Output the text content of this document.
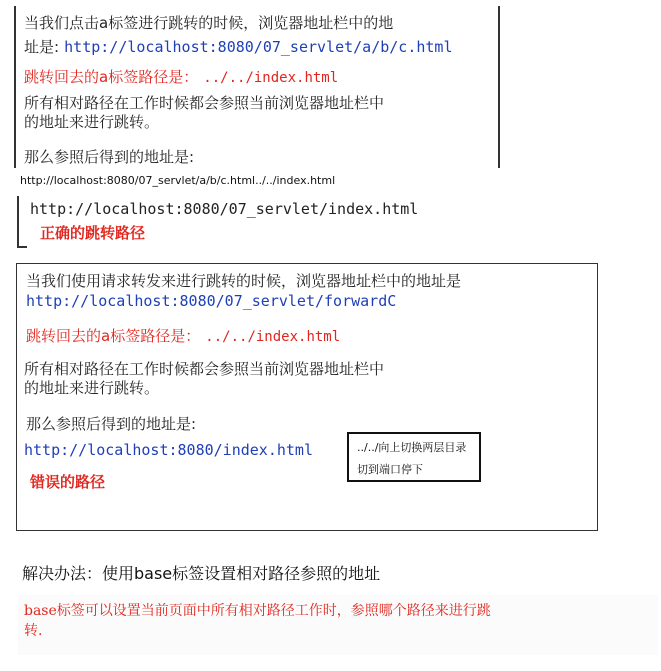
当我们点击a标签进行跳转的时候，浏览器地址栏中的地
址是: http://localhost:8080/07_servlet/a/b/c.html
跳转回去的a标签路径是： ../../index.html
所有相对路径在工作时候都会参照当前浏览器地址栏中
的地址来进行跳转。
那么参照后得到的地址是:
http://localhost:8080/07_servlet/a/b/c.html../../index.html
http://localhost:8080/07_servlet/index.html
正确的跳转路径
当我们使用请求转发来进行跳转的时候，浏览器地址栏中的地址是
http://localhost:8080/07_servlet/forwardC
跳转回去的a标签路径是： ../../index.html
所有相对路径在工作时候都会参照当前浏览器地址栏中
的地址来进行跳转。
那么参照后得到的地址是:
http://localhost:8080/index.html
错误的路径
../../向上切换两层目录
切到端口停下
解决办法：使用base标签设置相对路径参照的地址
base标签可以设置当前页面中所有相对路径工作时，参照哪个路径来进行跳
转.
